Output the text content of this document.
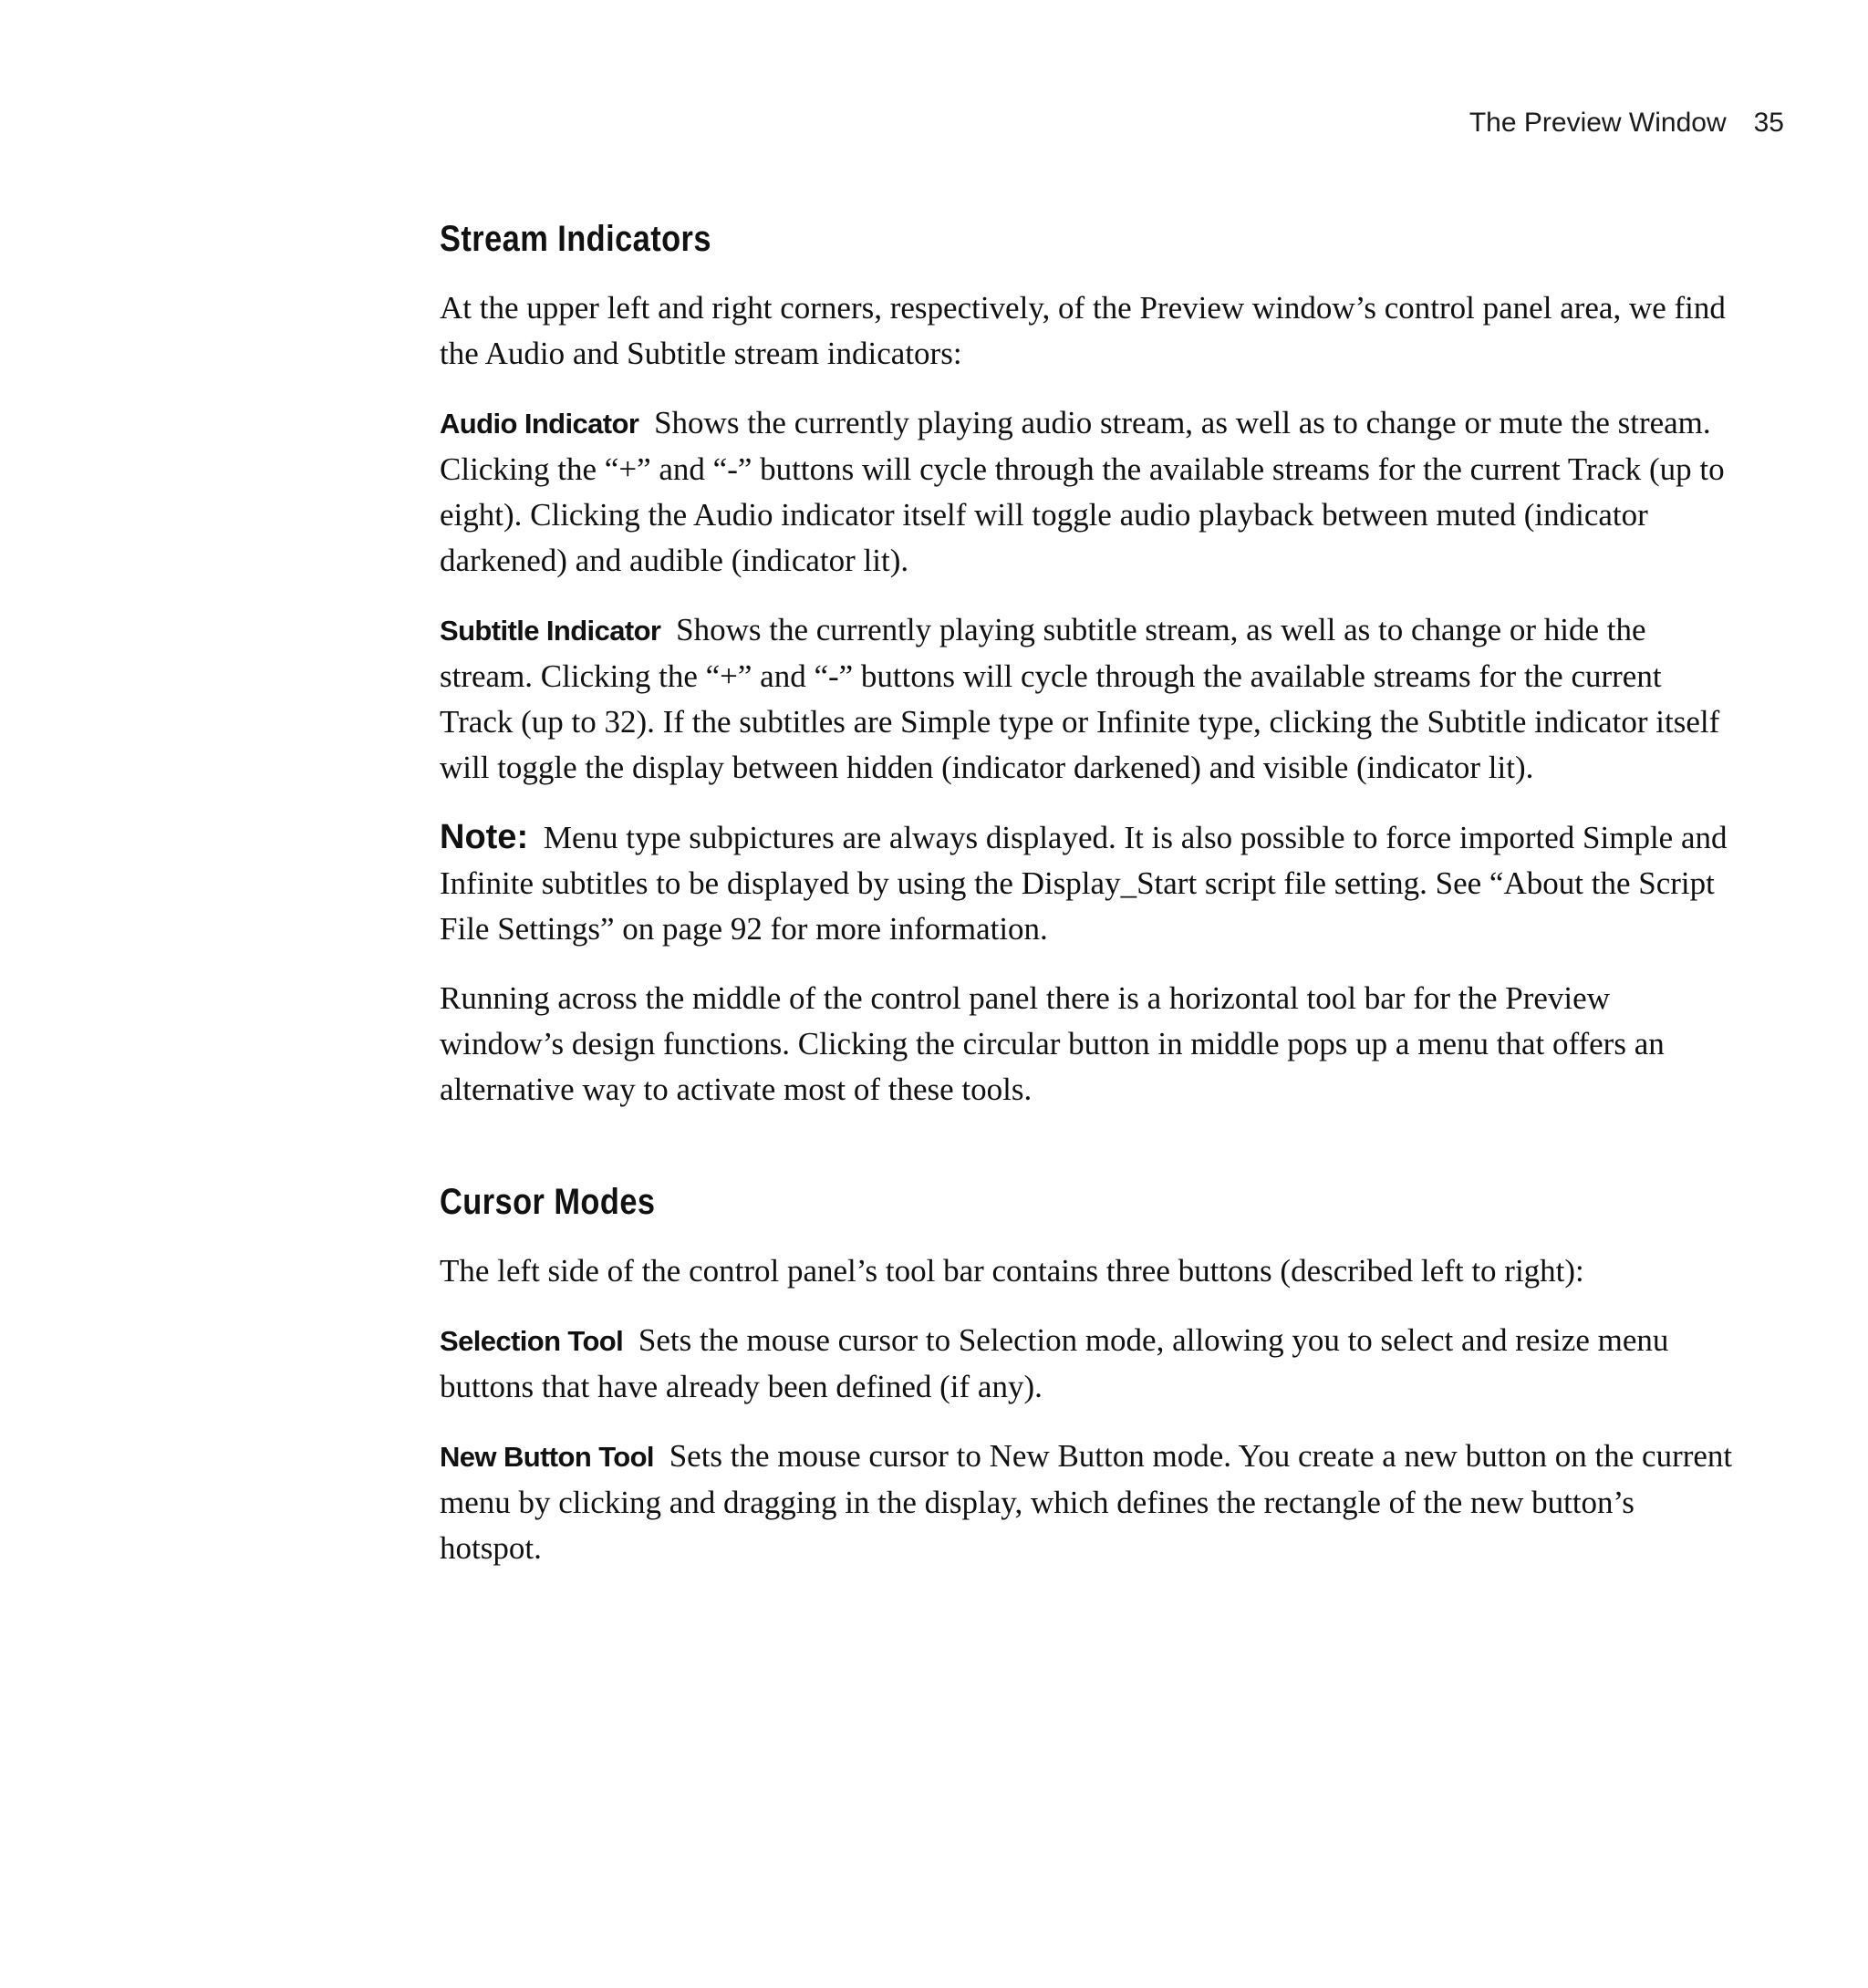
The Preview Window 35
Stream Indicators

At the upper left and right corners, respectively, of the Preview window’s control panel area, we find the Audio and Subtitle stream indicators:

Audio Indicator Shows the currently playing audio stream, as well as to change or mute the stream. Clicking the “+” and “-” buttons will cycle through the available streams for the current Track (up to eight). Clicking the Audio indicator itself will toggle audio playback between muted (indicator darkened) and audible (indicator lit).

Subtitle Indicator Shows the currently playing subtitle stream, as well as to change or hide the stream. Clicking the “+” and “-” buttons will cycle through the available streams for the current Track (up to 32). If the subtitles are Simple type or Infinite type, clicking the Subtitle indicator itself will toggle the display between hidden (indicator darkened) and visible (indicator lit).

Note: Menu type subpictures are always displayed. It is also possible to force imported Simple and Infinite subtitles to be displayed by using the Display_Start script file setting. See “About the Script File Settings” on page 92 for more information.

Running across the middle of the control panel there is a horizontal tool bar for the Preview window’s design functions. Clicking the circular button in middle pops up a menu that offers an alternative way to activate most of these tools.

Cursor Modes

The left side of the control panel’s tool bar contains three buttons (described left to right):

Selection Tool Sets the mouse cursor to Selection mode, allowing you to select and resize menu buttons that have already been defined (if any).

New Button Tool Sets the mouse cursor to New Button mode. You create a new button on the current menu by clicking and dragging in the display, which defines the rectangle of the new button’s hotspot.
